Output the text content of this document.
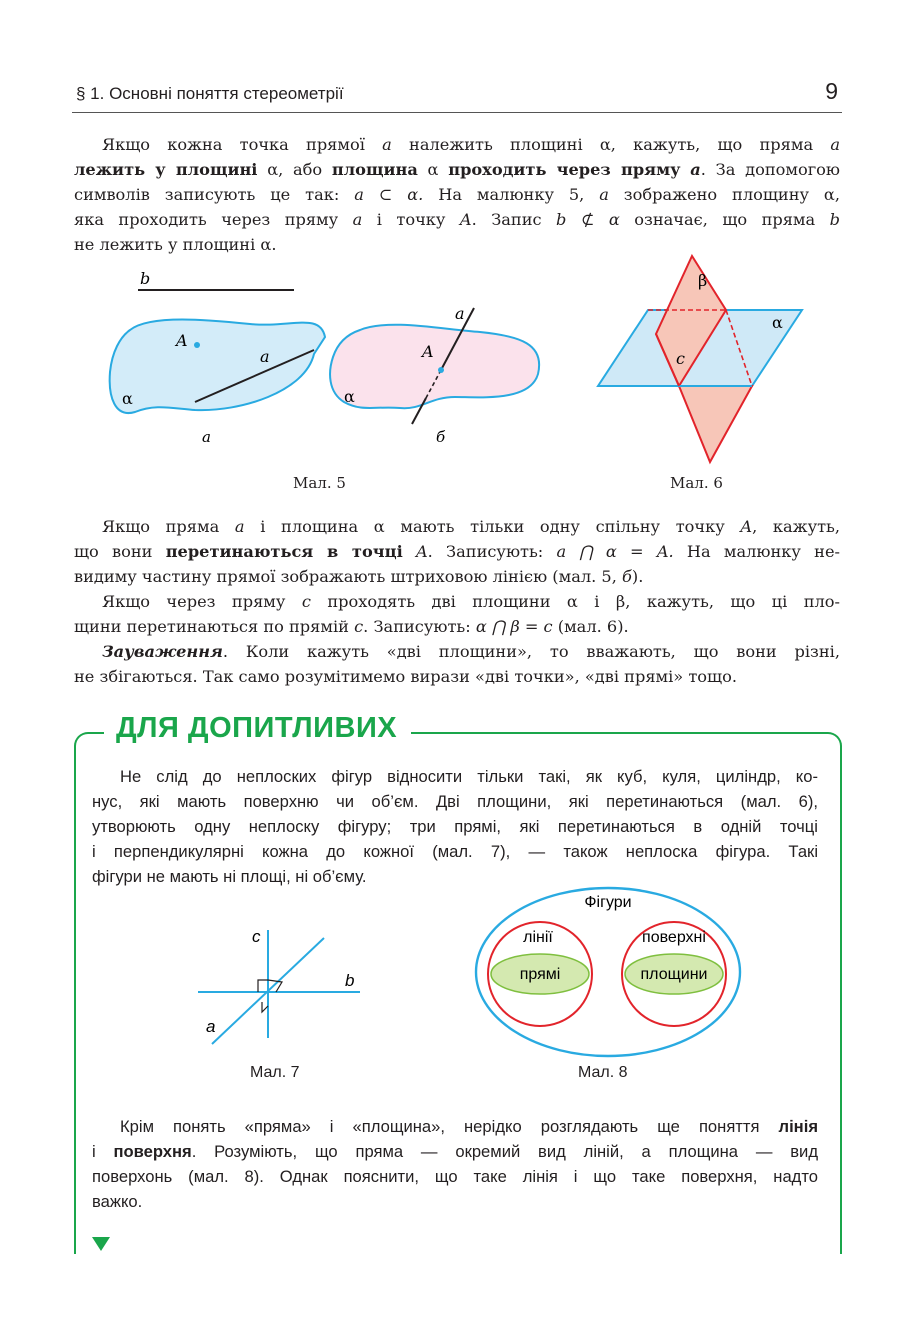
§ 1. Основні поняття стереометрії	9
Якщо кожна точка прямої a належить площині α, кажуть, що пряма a
лежить у площині α, або площина α проходить через пряму a. За допомогою
символів записують це так: a ⊂ α. На малюнку 5, а зображено площину α,
яка проходить через пряму a і точку A. Запис b ⊄ α означає, що пряма b
не лежить у площині α.
b
A
a
α
а
A
a
α
б
Мал. 5
β
α
c
Мал. 6
Якщо пряма a і площина α мають тільки одну спільну точку A, кажуть,
що вони перетинаються в точці A. Записують: a ⋂ α = A. На малюнку не-
видиму частину прямої зображають штриховою лінією (мал. 5, б).
Якщо через пряму c проходять дві площини α і β, кажуть, що ці пло-
щини перетинаються по прямій c. Записують: α ⋂ β = c (мал. 6).
Зауваження. Коли кажуть «дві площини», то вважають, що вони різні,
не збігаються. Так само розумітимемо вирази «дві точки», «дві прямі» тощо.
ДЛЯ ДОПИТЛИВИХ
Не слід до неплоских фігур відносити тільки такі, як куб, куля, циліндр, ко-
нус, які мають поверхню чи об’єм. Дві площини, які перетинаються (мал. 6),
утворюють одну неплоску фігуру; три прямі, які перетинаються в одній точці
і перпендикулярні кожна до кожної (мал. 7), — також неплоска фігура. Такі
фігури не мають ні площі, ні об’єму.
c
b
a
Мал. 7
Фігури
лінії	поверхні
прямі	площини
Мал. 8
Крім понять «пряма» і «площина», нерідко розглядають ще поняття лінія
і поверхня. Розуміють, що пряма — окремий вид ліній, а площина — вид
поверхонь (мал. 8). Однак пояснити, що таке лінія і що таке поверхня, надто
важко.
